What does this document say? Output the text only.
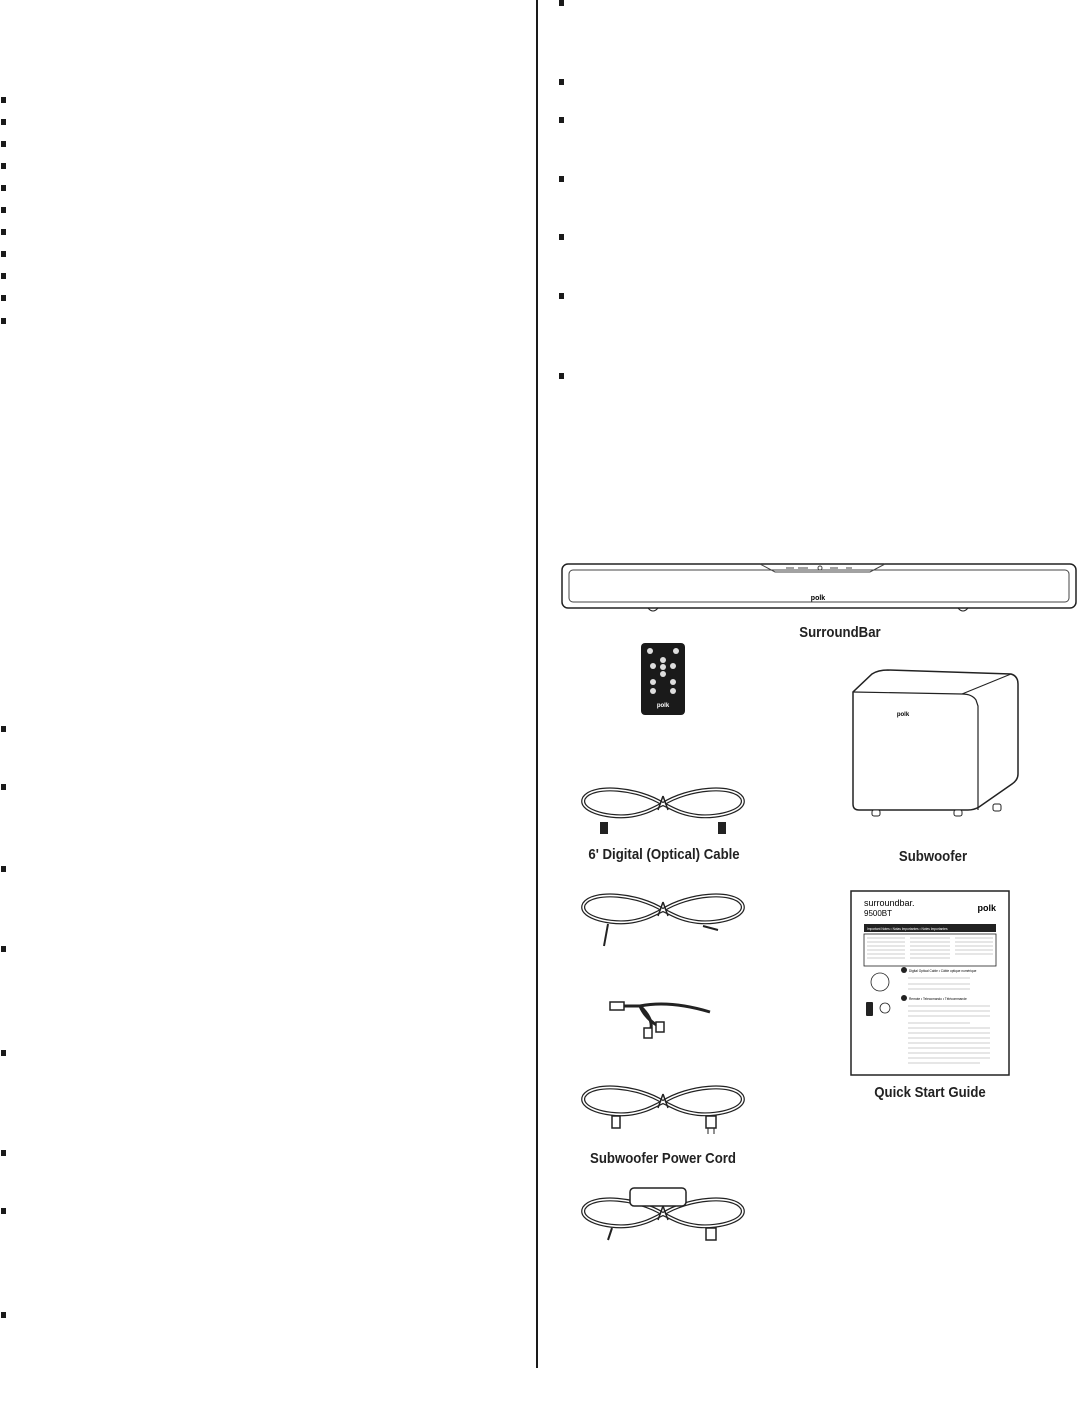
polk
SurroundBar
polk
polk
Subwoofer
6' Digital (Optical) Cable
Subwoofer Power Cord
surroundbar.
9500BT
polk
Important Notes • Notas Importantes • Notes Importantes
Digital Optical Cable • Câble optique numérique
Remote • Telecomando • Télécommande
Quick Start Guide
